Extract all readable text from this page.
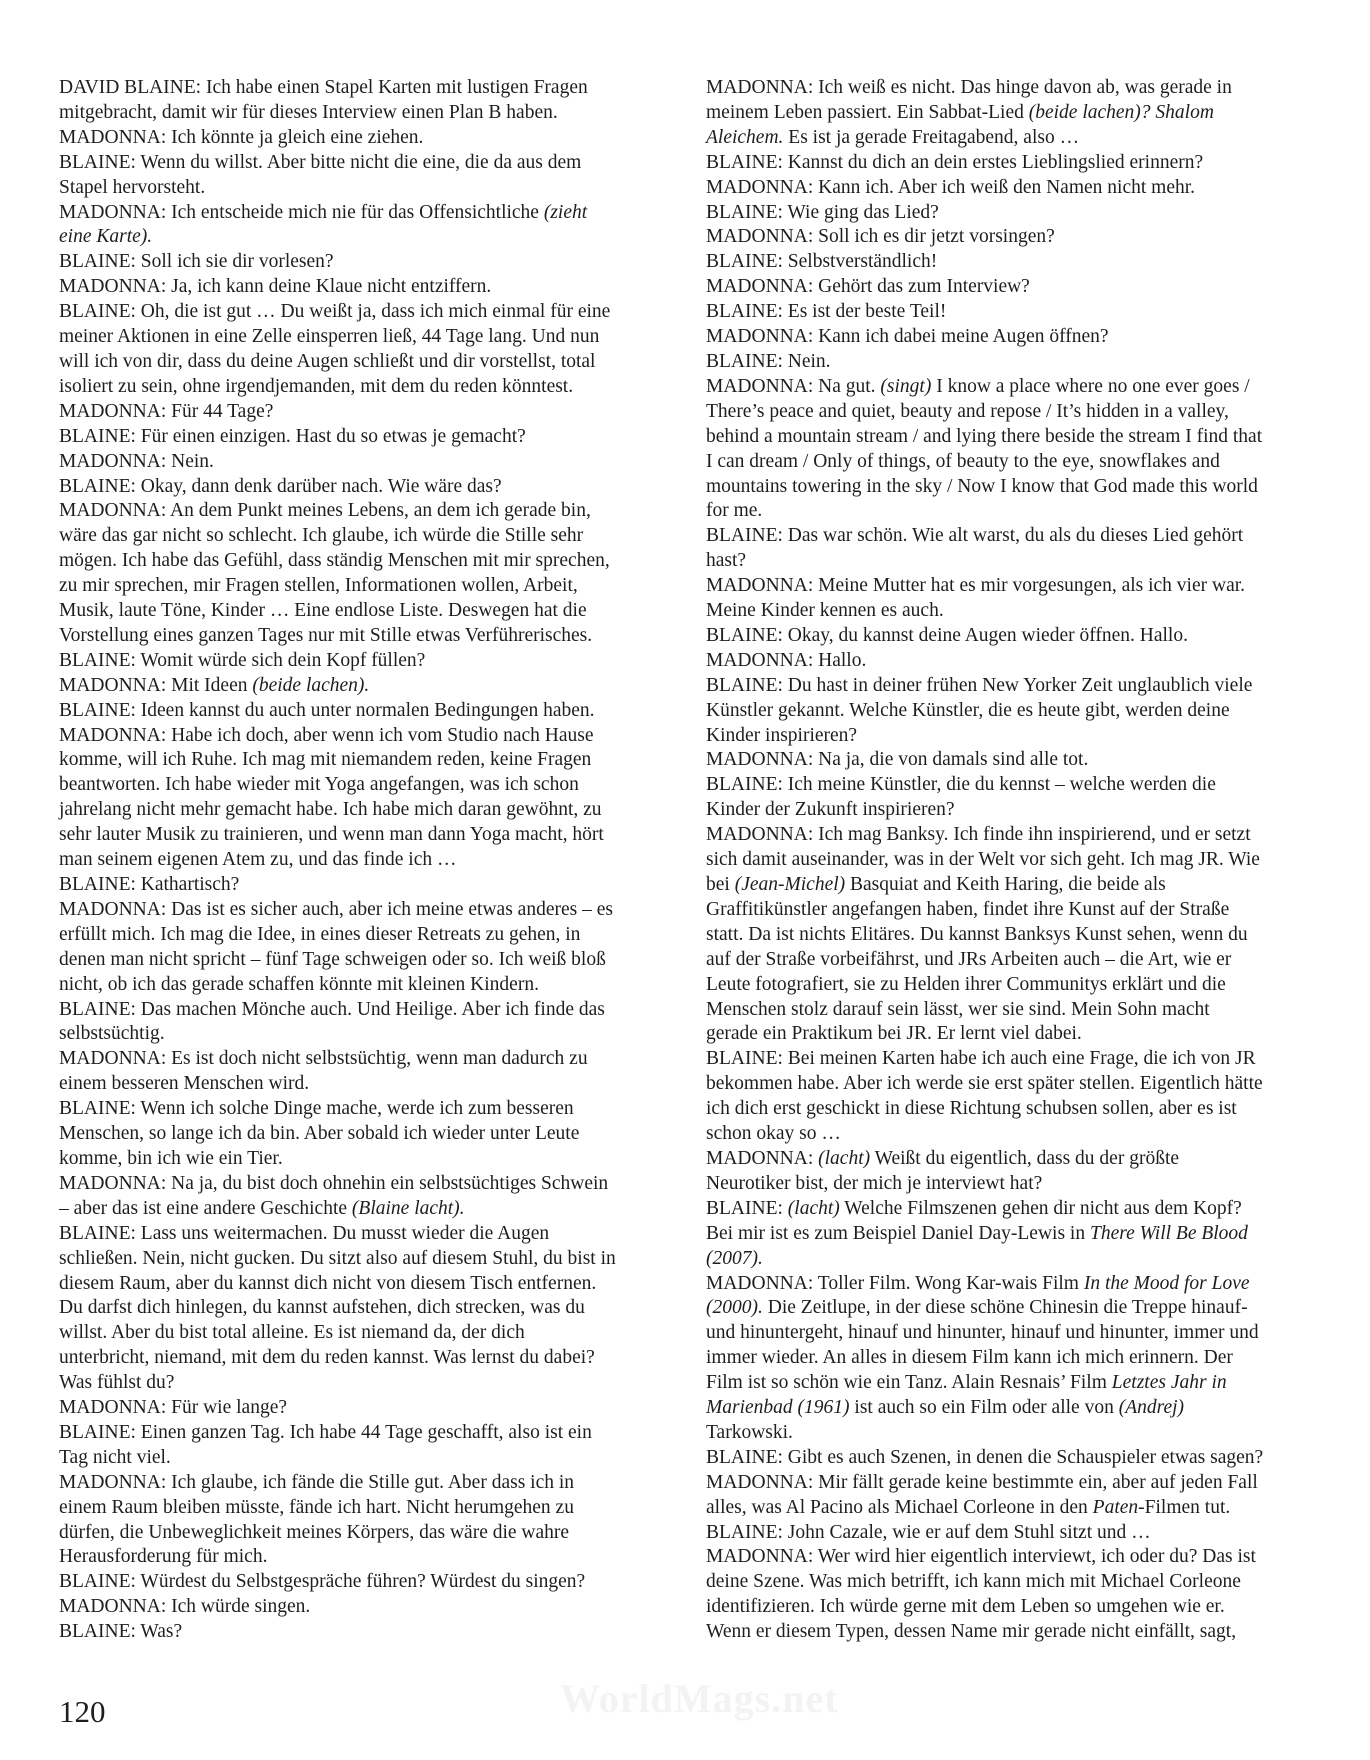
DAVID BLAINE: Ich habe einen Stapel Karten mit lustigen Fragen mitgebracht, damit wir für dieses Interview einen Plan B haben.

MADONNA: Ich könnte ja gleich eine ziehen.

BLAINE: Wenn du willst. Aber bitte nicht die eine, die da aus dem Stapel hervorsteht.

MADONNA: Ich entscheide mich nie für das Offensichtliche (zieht eine Karte).

BLAINE: Soll ich sie dir vorlesen?

MADONNA: Ja, ich kann deine Klaue nicht entziffern.

BLAINE: Oh, die ist gut … Du weißt ja, dass ich mich einmal für eine meiner Aktionen in eine Zelle einsperren ließ, 44 Tage lang. Und nun will ich von dir, dass du deine Augen schließt und dir vorstellst, total isoliert zu sein, ohne irgendjemanden, mit dem du reden könntest.

MADONNA: Für 44 Tage?

BLAINE: Für einen einzigen. Hast du so etwas je gemacht?

MADONNA: Nein.

BLAINE: Okay, dann denk darüber nach. Wie wäre das?

MADONNA: An dem Punkt meines Lebens, an dem ich gerade bin, wäre das gar nicht so schlecht. Ich glaube, ich würde die Stille sehr mögen. Ich habe das Gefühl, dass ständig Menschen mit mir sprechen, zu mir sprechen, mir Fragen stellen, Informationen wollen, Arbeit, Musik, laute Töne, Kinder … Eine endlose Liste. Deswegen hat die Vorstellung eines ganzen Tages nur mit Stille etwas Verführerisches.

BLAINE: Womit würde sich dein Kopf füllen?

MADONNA: Mit Ideen (beide lachen).

BLAINE: Ideen kannst du auch unter normalen Bedingungen haben.

MADONNA: Habe ich doch, aber wenn ich vom Studio nach Hause komme, will ich Ruhe. Ich mag mit niemandem reden, keine Fragen beantworten. Ich habe wieder mit Yoga angefangen, was ich schon jahrelang nicht mehr gemacht habe. Ich habe mich daran gewöhnt, zu sehr lauter Musik zu trainieren, und wenn man dann Yoga macht, hört man seinem eigenen Atem zu, und das finde ich …

BLAINE: Kathartisch?

MADONNA: Das ist es sicher auch, aber ich meine etwas anderes – es erfüllt mich. Ich mag die Idee, in eines dieser Retreats zu gehen, in denen man nicht spricht – fünf Tage schweigen oder so. Ich weiß bloß nicht, ob ich das gerade schaffen könnte mit kleinen Kindern.

BLAINE: Das machen Mönche auch. Und Heilige. Aber ich finde das selbstsüchtig.

MADONNA: Es ist doch nicht selbstsüchtig, wenn man dadurch zu einem besseren Menschen wird.

BLAINE: Wenn ich solche Dinge mache, werde ich zum besseren Menschen, so lange ich da bin. Aber sobald ich wieder unter Leute komme, bin ich wie ein Tier.

MADONNA: Na ja, du bist doch ohnehin ein selbstsüchtiges Schwein – aber das ist eine andere Geschichte (Blaine lacht).

BLAINE: Lass uns weitermachen. Du musst wieder die Augen schließen. Nein, nicht gucken. Du sitzt also auf diesem Stuhl, du bist in diesem Raum, aber du kannst dich nicht von diesem Tisch entfernen. Du darfst dich hinlegen, du kannst aufstehen, dich strecken, was du willst. Aber du bist total alleine. Es ist niemand da, der dich unterbricht, niemand, mit dem du reden kannst. Was lernst du dabei? Was fühlst du?

MADONNA: Für wie lange?

BLAINE: Einen ganzen Tag. Ich habe 44 Tage geschafft, also ist ein Tag nicht viel.

MADONNA: Ich glaube, ich fände die Stille gut. Aber dass ich in einem Raum bleiben müsste, fände ich hart. Nicht herumgehen zu dürfen, die Unbeweglichkeit meines Körpers, das wäre die wahre Herausforderung für mich.

BLAINE: Würdest du Selbstgespräche führen? Würdest du singen?

MADONNA: Ich würde singen.

BLAINE: Was?

MADONNA: Ich weiß es nicht. Das hinge davon ab, was gerade in meinem Leben passiert. Ein Sabbat-Lied (beide lachen)? Shalom Aleichem. Es ist ja gerade Freitagabend, also …

BLAINE: Kannst du dich an dein erstes Lieblingslied erinnern?

MADONNA: Kann ich. Aber ich weiß den Namen nicht mehr.

BLAINE: Wie ging das Lied?

MADONNA: Soll ich es dir jetzt vorsingen?

BLAINE: Selbstverständlich!

MADONNA: Gehört das zum Interview?

BLAINE: Es ist der beste Teil!

MADONNA: Kann ich dabei meine Augen öffnen?

BLAINE: Nein.

MADONNA: Na gut. (singt) I know a place where no one ever goes / There’s peace and quiet, beauty and repose / It’s hidden in a valley, behind a mountain stream / and lying there beside the stream I find that I can dream / Only of things, of beauty to the eye, snowflakes and mountains towering in the sky / Now I know that God made this world for me.

BLAINE: Das war schön. Wie alt warst, du als du dieses Lied gehört hast?

MADONNA: Meine Mutter hat es mir vorgesungen, als ich vier war. Meine Kinder kennen es auch.

BLAINE: Okay, du kannst deine Augen wieder öffnen. Hallo.

MADONNA: Hallo.

BLAINE: Du hast in deiner frühen New Yorker Zeit unglaublich viele Künstler gekannt. Welche Künstler, die es heute gibt, werden deine Kinder inspirieren?

MADONNA: Na ja, die von damals sind alle tot.

BLAINE: Ich meine Künstler, die du kennst – welche werden die Kinder der Zukunft inspirieren?

MADONNA: Ich mag Banksy. Ich finde ihn inspirierend, und er setzt sich damit auseinander, was in der Welt vor sich geht. Ich mag JR. Wie bei (Jean-Michel) Basquiat and Keith Haring, die beide als Graffitikünstler angefangen haben, findet ihre Kunst auf der Straße statt. Da ist nichts Elitäres. Du kannst Banksys Kunst sehen, wenn du auf der Straße vorbeifährst, und JRs Arbeiten auch – die Art, wie er Leute fotografiert, sie zu Helden ihrer Communitys erklärt und die Menschen stolz darauf sein lässt, wer sie sind. Mein Sohn macht gerade ein Praktikum bei JR. Er lernt viel dabei.

BLAINE: Bei meinen Karten habe ich auch eine Frage, die ich von JR bekommen habe. Aber ich werde sie erst später stellen. Eigentlich hätte ich dich erst geschickt in diese Richtung schubsen sollen, aber es ist schon okay so …

MADONNA: (lacht) Weißt du eigentlich, dass du der größte Neurotiker bist, der mich je interviewt hat?

BLAINE: (lacht) Welche Filmszenen gehen dir nicht aus dem Kopf? Bei mir ist es zum Beispiel Daniel Day-Lewis in There Will Be Blood (2007).

MADONNA: Toller Film. Wong Kar-wais Film In the Mood for Love (2000). Die Zeitlupe, in der diese schöne Chinesin die Treppe hinauf- und hinuntergeht, hinauf und hinunter, hinauf und hinunter, immer und immer wieder. An alles in diesem Film kann ich mich erinnern. Der Film ist so schön wie ein Tanz. Alain Resnais’ Film Letztes Jahr in Marienbad (1961) ist auch so ein Film oder alle von (Andrej) Tarkowski.

BLAINE: Gibt es auch Szenen, in denen die Schauspieler etwas sagen?

MADONNA: Mir fällt gerade keine bestimmte ein, aber auf jeden Fall alles, was Al Pacino als Michael Corleone in den Paten-Filmen tut.

BLAINE: John Cazale, wie er auf dem Stuhl sitzt und …

MADONNA: Wer wird hier eigentlich interviewt, ich oder du? Das ist deine Szene. Was mich betrifft, ich kann mich mit Michael Corleone identifizieren. Ich würde gerne mit dem Leben so umgehen wie er. Wenn er diesem Typen, dessen Name mir gerade nicht einfällt, sagt,

120	WorldMags.net
